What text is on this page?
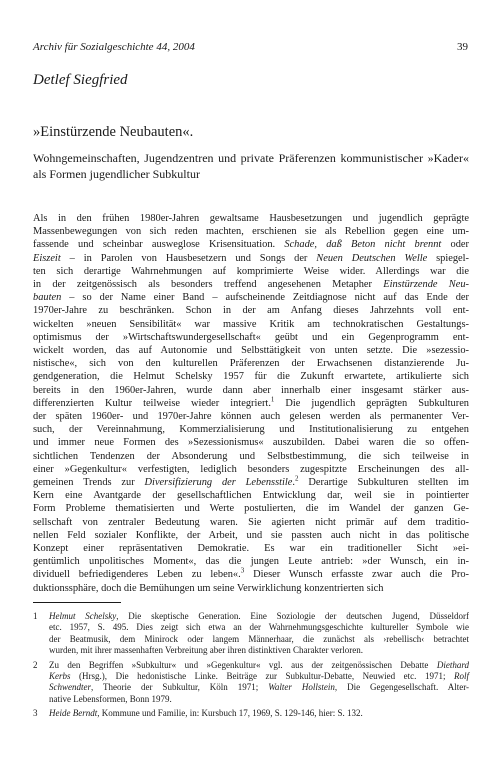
Archiv für Sozialgeschichte 44, 2004	39
Detlef Siegfried
»Einstürzende Neubauten«.
Wohngemeinschaften, Jugendzentren und private Präferenzen kommunistischer »Kader« als Formen jugendlicher Subkultur
Als in den frühen 1980er-Jahren gewaltsame Hausbesetzungen und jugendlich geprägte
Massenbewegungen von sich reden machten, erschienen sie als Rebellion gegen eine um-
fassende und scheinbar ausweglose Krisensituation. Schade, daß Beton nicht brennt oder
Eiszeit – in Parolen von Hausbesetzern und Songs der Neuen Deutschen Welle spiegel-
ten sich derartige Wahrnehmungen auf komprimierte Weise wider. Allerdings war die
in der zeitgenössisch als besonders treffend angesehenen Metapher Einstürzende Neu-
bauten – so der Name einer Band – aufscheinende Zeitdiagnose nicht auf das Ende der
1970er-Jahre zu beschränken. Schon in der am Anfang dieses Jahrzehnts voll ent-
wickelten »neuen Sensibilität« war massive Kritik am technokratischen Gestaltungs-
optimismus der »Wirtschaftswundergesellschaft« geübt und ein Gegenprogramm ent-
wickelt worden, das auf Autonomie und Selbsttätigkeit von unten setzte. Die »sezessio-
nistische«, sich von den kulturellen Präferenzen der Erwachsenen distanzierende Ju-
gendgeneration, die Helmut Schelsky 1957 für die Zukunft erwartete, artikulierte sich
bereits in den 1960er-Jahren, wurde dann aber innerhalb einer insgesamt stärker aus-
differenzierten Kultur teilweise wieder integriert.$^1$ Die jugendlich geprägten Subkulturen
der späten 1960er- und 1970er-Jahre können auch gelesen werden als permanenter Ver-
such, der Vereinnahmung, Kommerzialisierung und Institutionalisierung zu entgehen
und immer neue Formen des »Sezessionismus« auszubilden. Dabei waren die so offen-
sichtlichen Tendenzen der Absonderung und Selbstbestimmung, die sich teilweise in
einer »Gegenkultur« verfestigten, lediglich besonders zugespitzte Erscheinungen des all-
gemeinen Trends zur Diversifizierung der Lebensstile.$^2$ Derartige Subkulturen stellten im
Kern eine Avantgarde der gesellschaftlichen Entwicklung dar, weil sie in pointierter
Form Probleme thematisierten und Werte postulierten, die im Wandel der ganzen Ge-
sellschaft von zentraler Bedeutung waren. Sie agierten nicht primär auf dem traditio-
nellen Feld sozialer Konflikte, der Arbeit, und sie passten auch nicht in das politische
Konzept einer repräsentativen Demokratie. Es war ein traditioneller Sicht »ei-
gentümlich unpolitisches Moment«, das die jungen Leute antrieb: »der Wunsch, ein in-
dividuell befriedigenderes Leben zu leben«.$^3$ Dieser Wunsch erfasste zwar auch die Pro-
duktionssphäre, doch die Bemühungen um seine Verwirklichung konzentrierten sich
1 Helmut Schelsky, Die skeptische Generation. Eine Soziologie der deutschen Jugend, Düsseldorf
etc. 1957, S. 495. Dies zeigt sich etwa an der Wahrnehmungsgeschichte kultureller Symbole wie
der Beatmusik, dem Minirock oder langem Männerhaar, die zunächst als ›rebellisch‹ betrachtet
wurden, mit ihrer massenhaften Verbreitung aber ihren distinktiven Charakter verloren.
2 Zu den Begriffen »Subkultur« und »Gegenkultur« vgl. aus der zeitgenössischen Debatte Diethard
Kerbs (Hrsg.), Die hedonistische Linke. Beiträge zur Subkultur-Debatte, Neuwied etc. 1971; Rolf
Schwendter, Theorie der Subkultur, Köln 1971; Walter Hollstein, Die Gegengesellschaft. Alter-
native Lebensformen, Bonn 1979.
3 Heide Berndt, Kommune und Familie, in: Kursbuch 17, 1969, S. 129-146, hier: S. 132.
